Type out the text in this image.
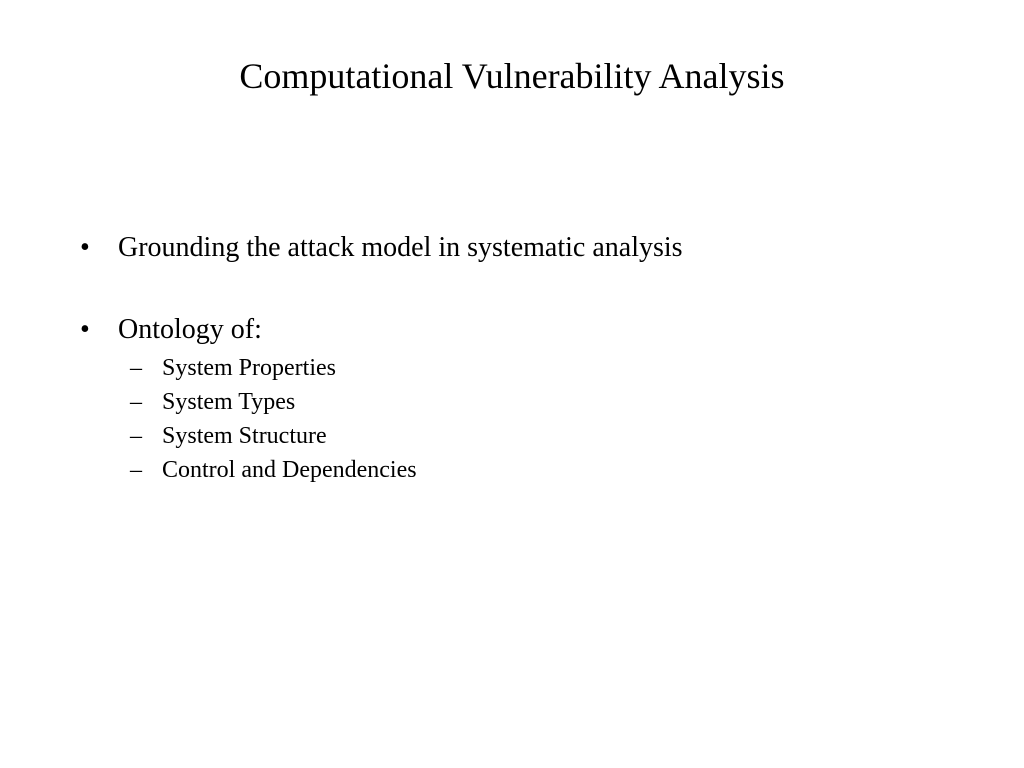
Computational Vulnerability Analysis
• Grounding the attack model in systematic analysis
• Ontology of:
– System Properties
– System Types
– System Structure
– Control and Dependencies
